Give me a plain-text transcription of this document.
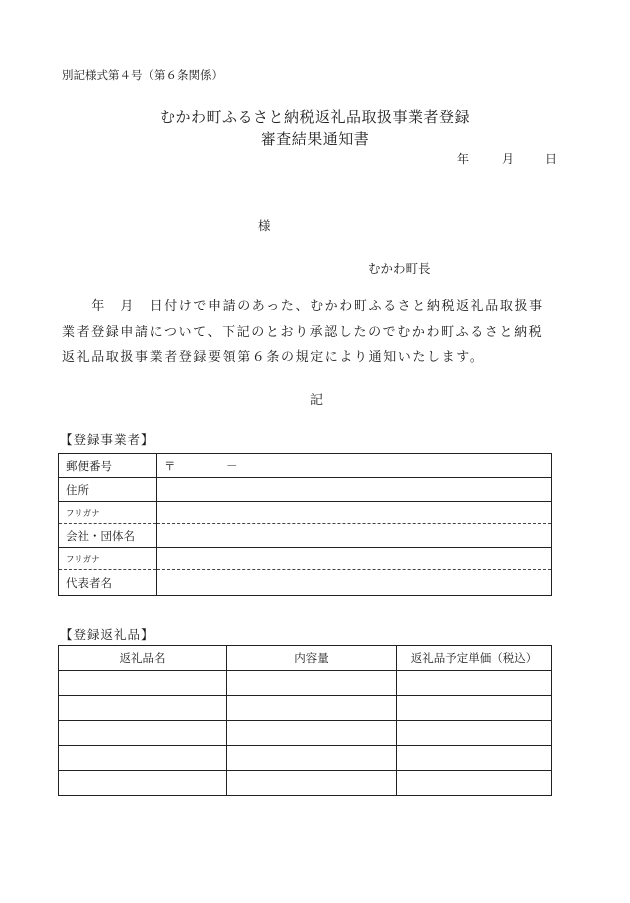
別記様式第４号（第６条関係）
むかわ町ふるさと納税返礼品取扱事業者登録
審査結果通知書
年	月	日
様
むかわ町長
　　年　月　日付けで申請のあった、むかわ町ふるさと納税返礼品取扱事
業者登録申請について、下記のとおり承認したのでむかわ町ふるさと納税
返礼品取扱事業者登録要領第６条の規定により通知いたします。
記
【登録事業者】
郵便番号	〒 －
住所	
フリガナ	
会社・団体名	
フリガナ	
代表者名	
【登録返礼品】
返礼品名	内容量	返礼品予定単価（税込）
